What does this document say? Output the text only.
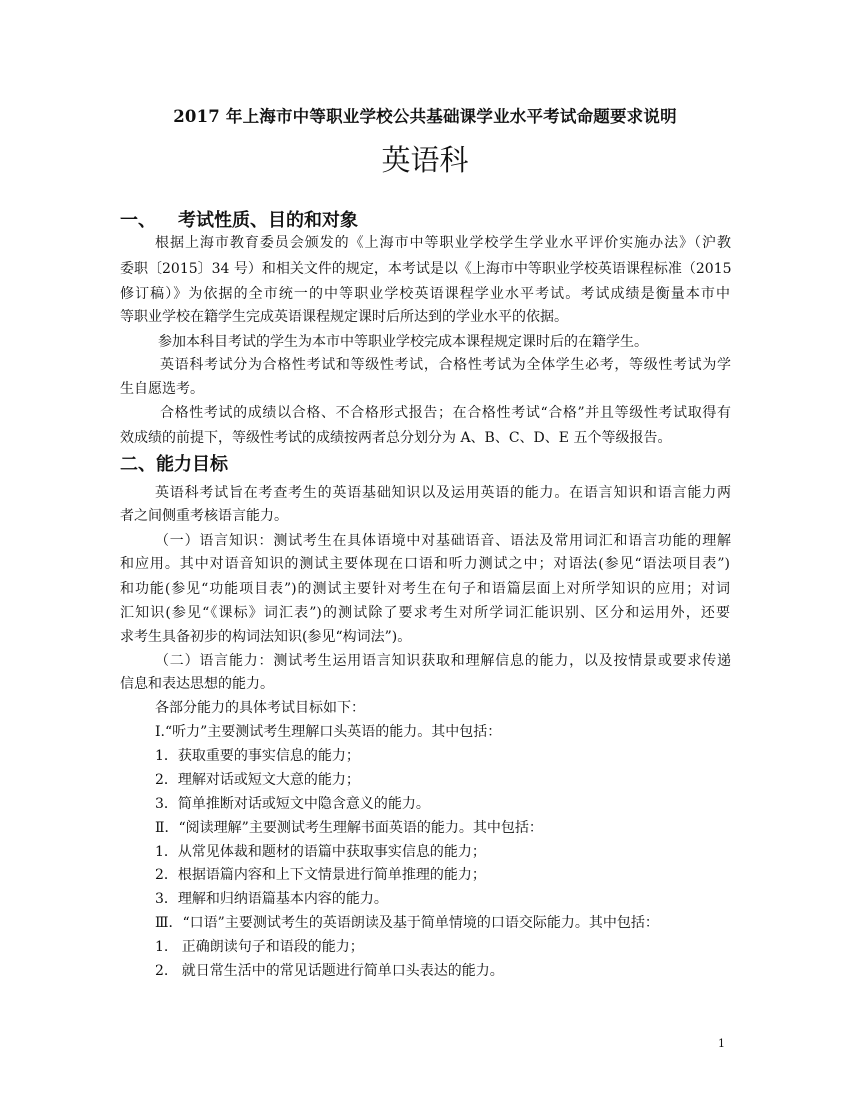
2017 年上海市中等职业学校公共基础课学业水平考试命题要求说明
英语科
一、 考试性质、目的和对象
根据上海市教育委员会颁发的《上海市中等职业学校学生学业水平评价实施办法》（沪教
委职〔2015〕34 号）和相关文件的规定，本考试是以《上海市中等职业学校英语课程标准（2015
修订稿）》为依据的全市统一的中等职业学校英语课程学业水平考试。考试成绩是衡量本市中
等职业学校在籍学生完成英语课程规定课时后所达到的学业水平的依据。
参加本科目考试的学生为本市中等职业学校完成本课程规定课时后的在籍学生。
英语科考试分为合格性考试和等级性考试，合格性考试为全体学生必考，等级性考试为学
生自愿选考。
合格性考试的成绩以合格、不合格形式报告；在合格性考试“合格”并且等级性考试取得有
效成绩的前提下，等级性考试的成绩按两者总分划分为 A、B、C、D、E 五个等级报告。
二、能力目标
英语科考试旨在考查考生的英语基础知识以及运用英语的能力。在语言知识和语言能力两
者之间侧重考核语言能力。
（一）语言知识：测试考生在具体语境中对基础语音、语法及常用词汇和语言功能的理解
和应用。其中对语音知识的测试主要体现在口语和听力测试之中；对语法(参见“语法项目表”)
和功能(参见“功能项目表”)的测试主要针对考生在句子和语篇层面上对所学知识的应用；对词
汇知识(参见“《课标》词汇表”)的测试除了要求考生对所学词汇能识别、区分和运用外，还要
求考生具备初步的构词法知识(参见“构词法”)。
（二）语言能力：测试考生运用语言知识获取和理解信息的能力，以及按情景或要求传递
信息和表达思想的能力。
各部分能力的具体考试目标如下：
Ⅰ.“听力”主要测试考生理解口头英语的能力。其中包括：
1．获取重要的事实信息的能力；
2．理解对话或短文大意的能力；
3．简单推断对话或短文中隐含意义的能力。
Ⅱ．“阅读理解”主要测试考生理解书面英语的能力。其中包括：
1．从常见体裁和题材的语篇中获取事实信息的能力；
2．根据语篇内容和上下文情景进行简单推理的能力；
3．理解和归纳语篇基本内容的能力。
Ⅲ．“口语”主要测试考生的英语朗读及基于简单情境的口语交际能力。其中包括：
1.   正确朗读句子和语段的能力；
2.   就日常生活中的常见话题进行简单口头表达的能力。
1
